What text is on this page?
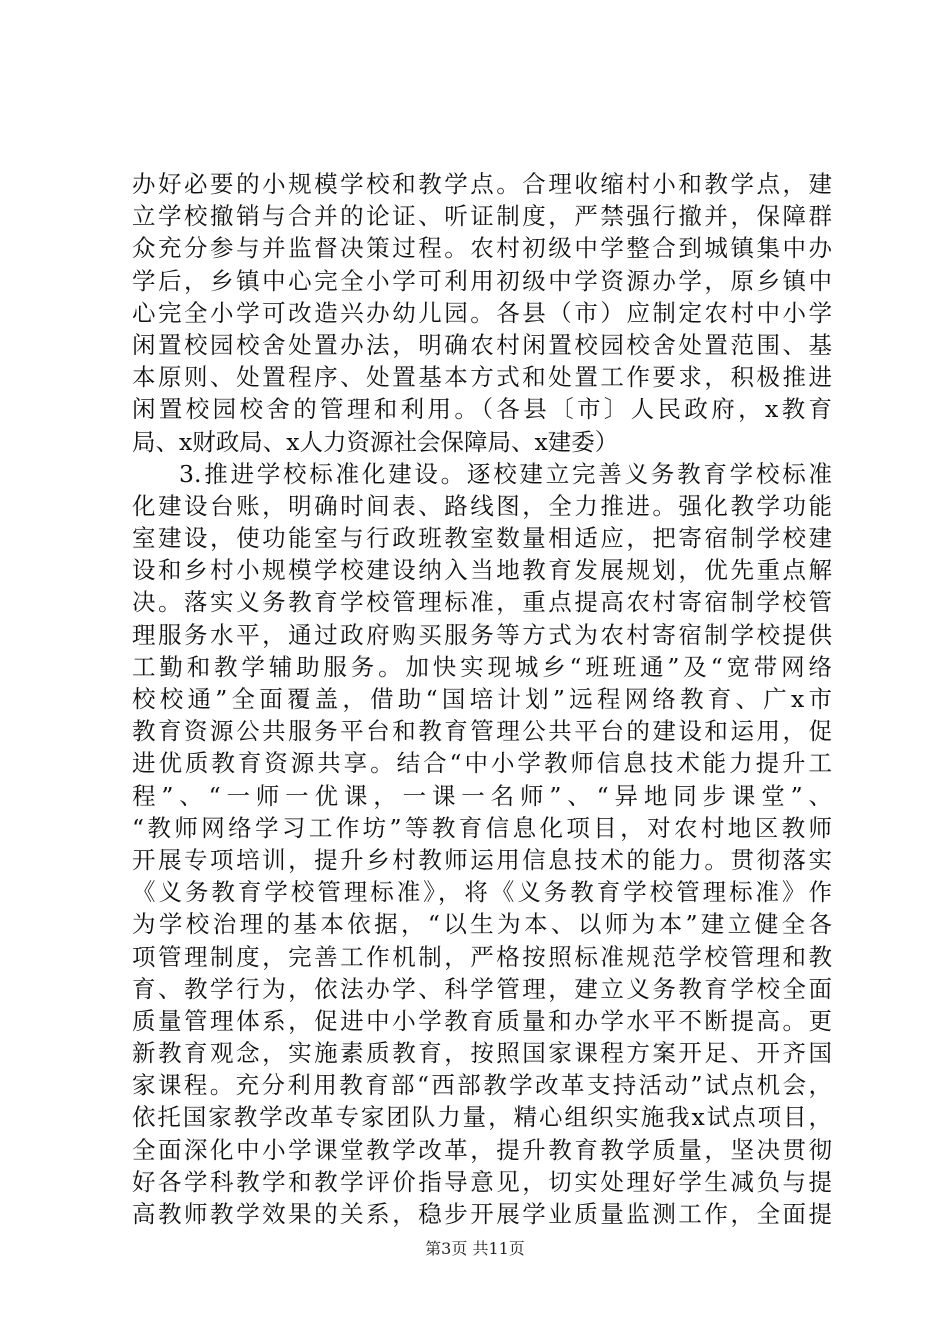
办好必要的小规模学校和教学点。合理收缩村小和教学点，建
立学校撤销与合并的论证、听证制度，严禁强行撤并，保障群
众充分参与并监督决策过程。农村初级中学整合到城镇集中办
学后，乡镇中心完全小学可利用初级中学资源办学，原乡镇中
心完全小学可改造兴办幼儿园。各县（市）应制定农村中小学
闲置校园校舍处置办法，明确农村闲置校园校舍处置范围、基
本原则、处置程序、处置基本方式和处置工作要求，积极推进
闲置校园校舍的管理和利用。（各县〔市〕人民政府，x教育
局、x财政局、x人力资源社会保障局、x建委）
3.推进学校标准化建设。逐校建立完善义务教育学校标准
化建设台账，明确时间表、路线图，全力推进。强化教学功能
室建设，使功能室与行政班教室数量相适应，把寄宿制学校建
设和乡村小规模学校建设纳入当地教育发展规划，优先重点解
决。落实义务教育学校管理标准，重点提高农村寄宿制学校管
理服务水平，通过政府购买服务等方式为农村寄宿制学校提供
工勤和教学辅助服务。加快实现城乡“班班通”及“宽带网络
校校通”全面覆盖，借助“国培计划”远程网络教育、广x市
教育资源公共服务平台和教育管理公共平台的建设和运用，促
进优质教育资源共享。结合“中小学教师信息技术能力提升工
程”、“一师一优课，一课一名师”、“异地同步课堂”、
“教师网络学习工作坊”等教育信息化项目，对农村地区教师
开展专项培训，提升乡村教师运用信息技术的能力。贯彻落实
《义务教育学校管理标准》，将《义务教育学校管理标准》作
为学校治理的基本依据，“以生为本、以师为本”建立健全各
项管理制度，完善工作机制，严格按照标准规范学校管理和教
育、教学行为，依法办学、科学管理，建立义务教育学校全面
质量管理体系，促进中小学教育质量和办学水平不断提高。更
新教育观念，实施素质教育，按照国家课程方案开足、开齐国
家课程。充分利用教育部“西部教学改革支持活动”试点机会，
依托国家教学改革专家团队力量，精心组织实施我x试点项目，
全面深化中小学课堂教学改革，提升教育教学质量，坚决贯彻
好各学科教学和教学评价指导意见，切实处理好学生减负与提
高教师教学效果的关系，稳步开展学业质量监测工作，全面提
第3页 共11页
